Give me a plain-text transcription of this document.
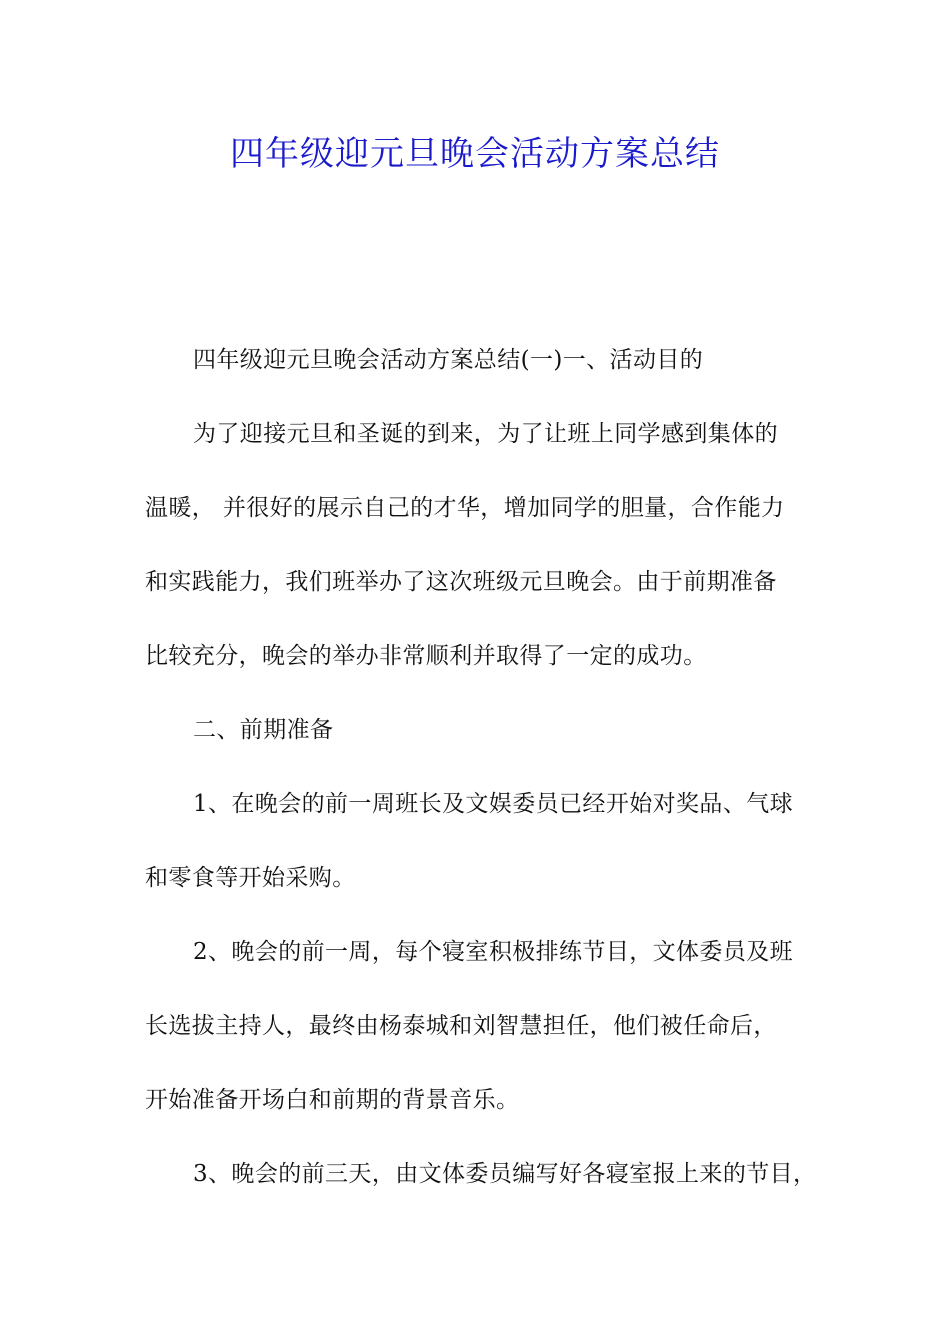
四年级迎元旦晚会活动方案总结
四年级迎元旦晚会活动方案总结(一)一、活动目的
为了迎接元旦和圣诞的到来，为了让班上同学感到集体的
温暖， 并很好的展示自己的才华，增加同学的胆量，合作能力
和实践能力，我们班举办了这次班级元旦晚会。由于前期准备
比较充分，晚会的举办非常顺利并取得了一定的成功。
二、前期准备
1、在晚会的前一周班长及文娱委员已经开始对奖品、气球
和零食等开始采购。
2、晚会的前一周，每个寝室积极排练节目，文体委员及班
长选拔主持人，最终由杨泰城和刘智慧担任，他们被任命后，
开始准备开场白和前期的背景音乐。
3、晚会的前三天，由文体委员编写好各寝室报上来的节目，
